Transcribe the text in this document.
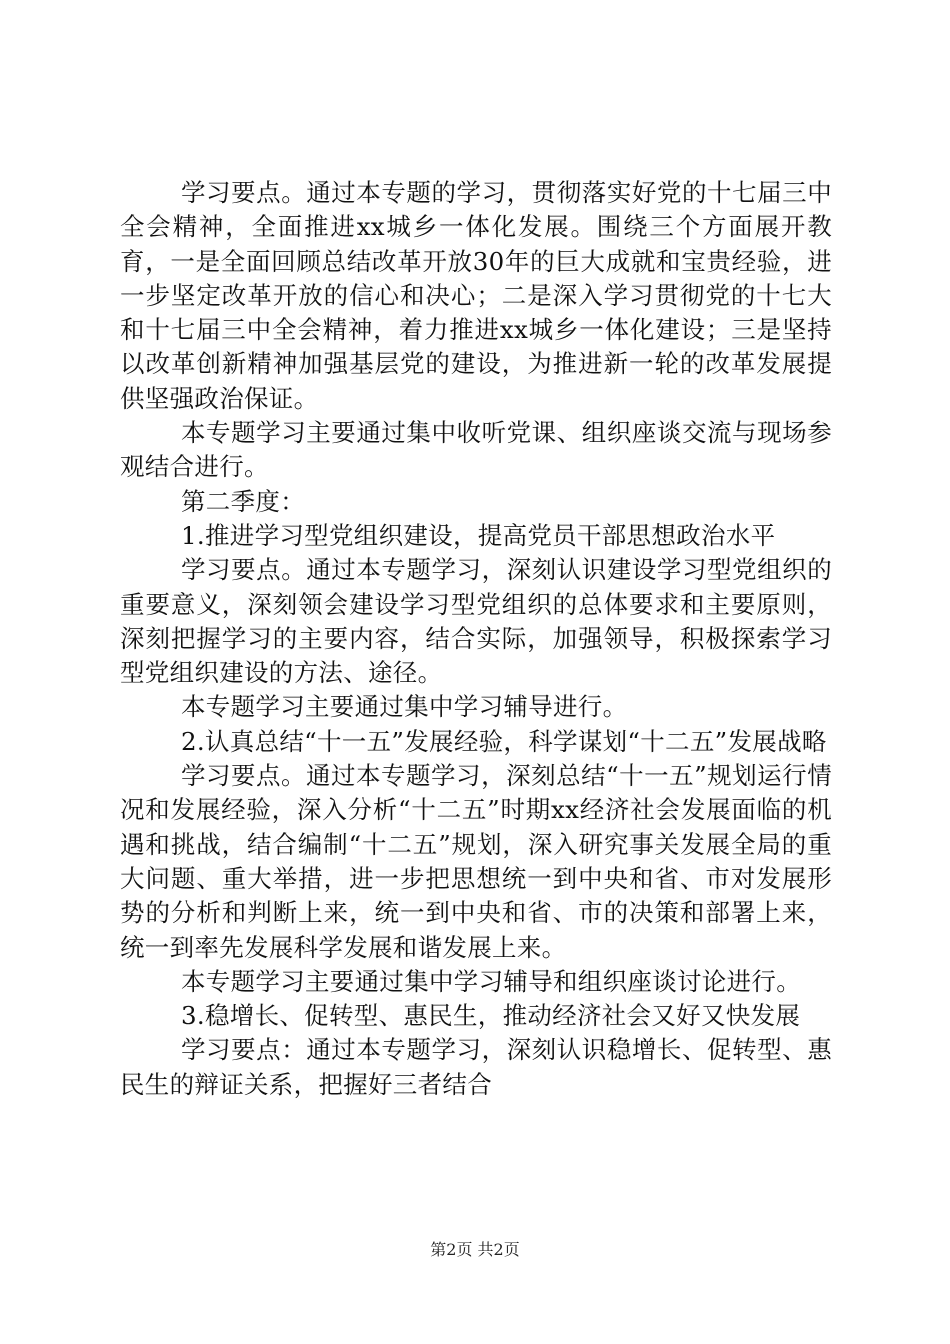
学习要点。通过本专题的学习，贯彻落实好党的十七届三中全会精神，全面推进xx城乡一体化发展。围绕三个方面展开教育，一是全面回顾总结改革开放30年的巨大成就和宝贵经验，进一步坚定改革开放的信心和决心；二是深入学习贯彻党的十七大和十七届三中全会精神，着力推进xx城乡一体化建设；三是坚持以改革创新精神加强基层党的建设，为推进新一轮的改革发展提供坚强政治保证。

本专题学习主要通过集中收听党课、组织座谈交流与现场参观结合进行。

第二季度：

1.推进学习型党组织建设，提高党员干部思想政治水平

学习要点。通过本专题学习，深刻认识建设学习型党组织的重要意义，深刻领会建设学习型党组织的总体要求和主要原则，深刻把握学习的主要内容，结合实际，加强领导，积极探索学习型党组织建设的方法、途径。

本专题学习主要通过集中学习辅导进行。

2.认真总结“十一五”发展经验，科学谋划“十二五”发展战略

学习要点。通过本专题学习，深刻总结“十一五”规划运行情况和发展经验，深入分析“十二五”时期xx经济社会发展面临的机遇和挑战，结合编制“十二五”规划，深入研究事关发展全局的重大问题、重大举措，进一步把思想统一到中央和省、市对发展形势的分析和判断上来，统一到中央和省、市的决策和部署上来，统一到率先发展科学发展和谐发展上来。

本专题学习主要通过集中学习辅导和组织座谈讨论进行。

3.稳增长、促转型、惠民生，推动经济社会又好又快发展

学习要点：通过本专题学习，深刻认识稳增长、促转型、惠民生的辩证关系，把握好三者结合

第2页 共2页
